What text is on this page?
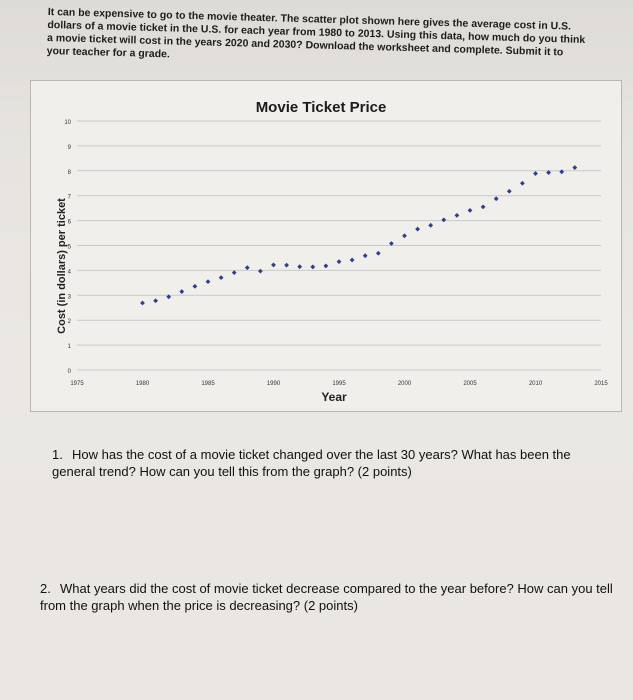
It can be expensive to go to the movie theater. The scatter plot shown here gives the average cost in U.S. dollars of a movie ticket in the U.S. for each year from 1980 to 2013. Using this data, how much do you think a movie ticket will cost in the years 2020 and 2030? Download the worksheet and complete. Submit it to your teacher for a grade.

Movie Ticket Price
0
1
2
3
4
5
6
7
8
9
10
1975	1980	1985	1990	1995	2000	2005	2010	2015
Cost (in dollars) per ticket
Year

1. How has the cost of a movie ticket changed over the last 30 years? What has been the general trend? How can you tell this from the graph? (2 points)

2. What years did the cost of movie ticket decrease compared to the year before? How can you tell from the graph when the price is decreasing? (2 points)
